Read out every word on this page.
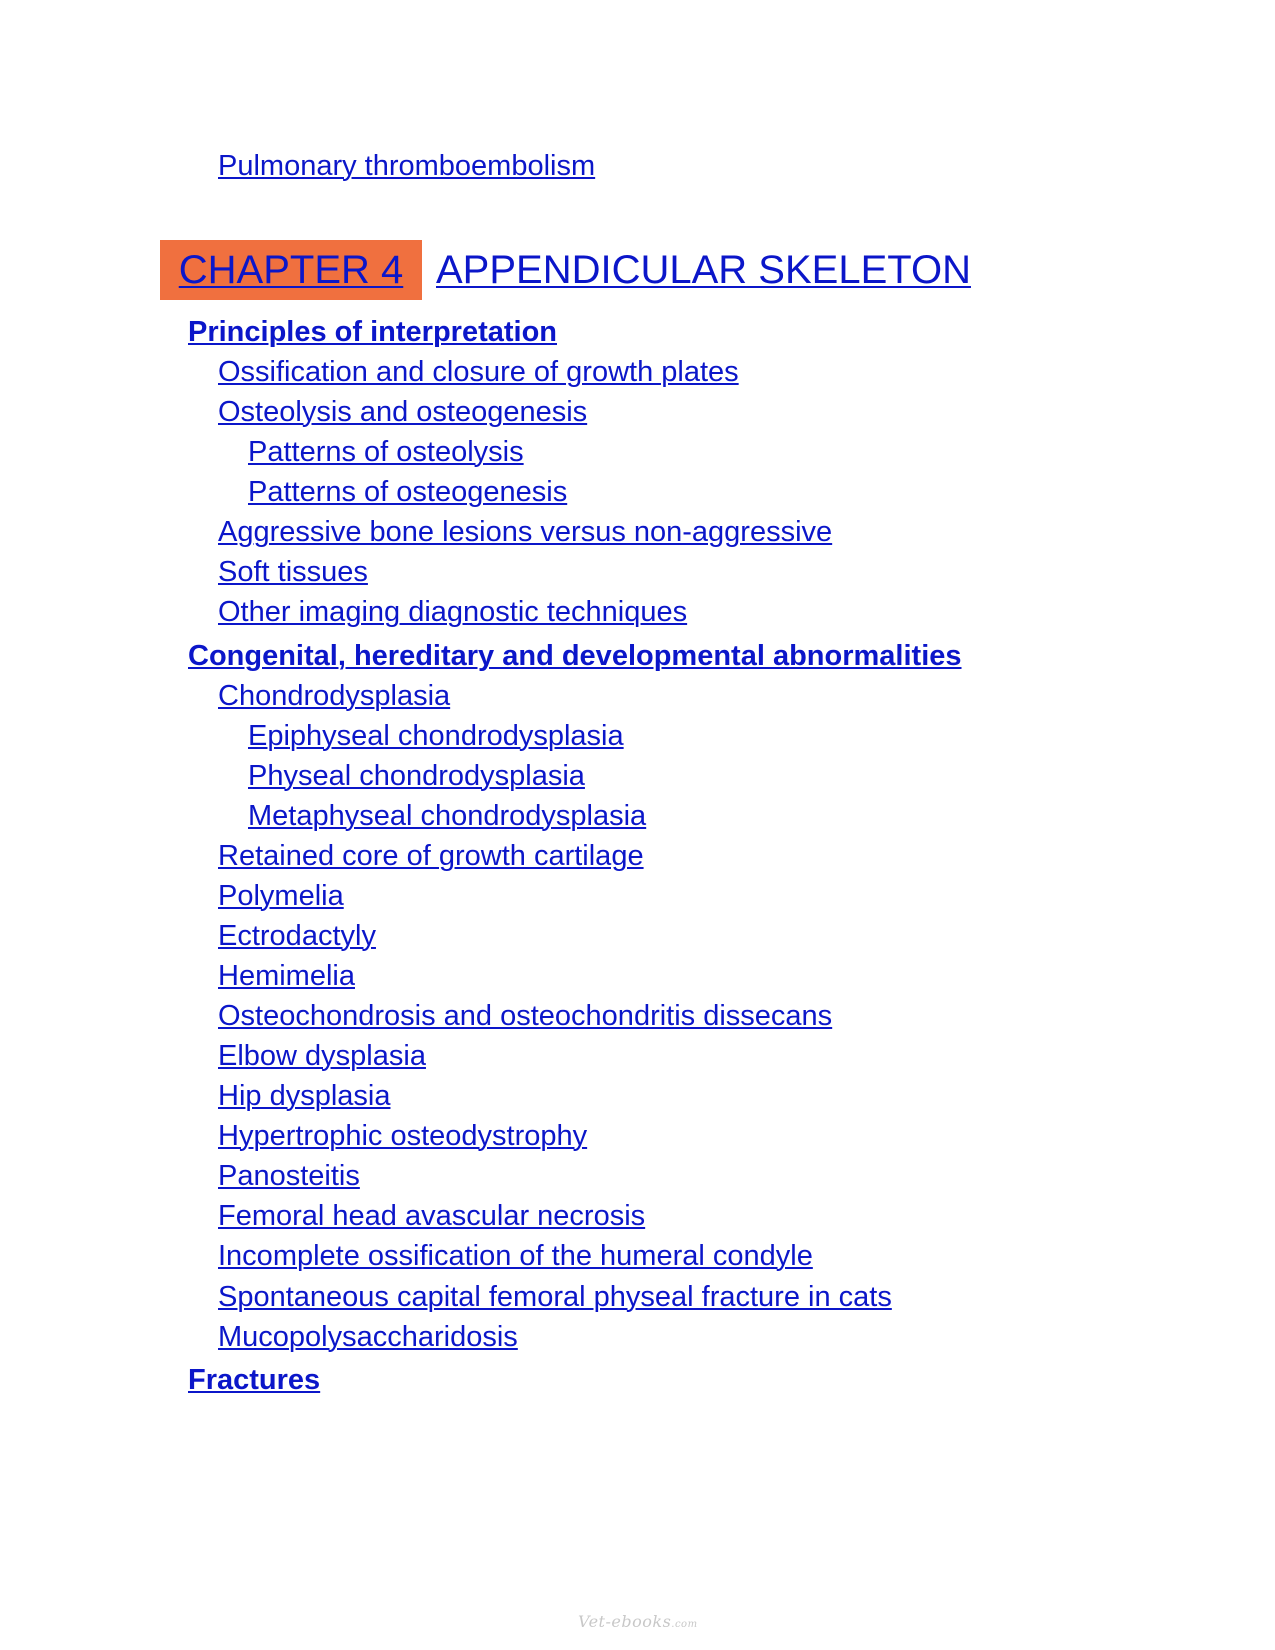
Pulmonary thromboembolism
CHAPTER 4 APPENDICULAR SKELETON
Principles of interpretation
Ossification and closure of growth plates
Osteolysis and osteogenesis
Patterns of osteolysis
Patterns of osteogenesis
Aggressive bone lesions versus non-aggressive
Soft tissues
Other imaging diagnostic techniques
Congenital, hereditary and developmental abnormalities
Chondrodysplasia
Epiphyseal chondrodysplasia
Physeal chondrodysplasia
Metaphyseal chondrodysplasia
Retained core of growth cartilage
Polymelia
Ectrodactyly
Hemimelia
Osteochondrosis and osteochondritis dissecans
Elbow dysplasia
Hip dysplasia
Hypertrophic osteodystrophy
Panosteitis
Femoral head avascular necrosis
Incomplete ossification of the humeral condyle
Spontaneous capital femoral physeal fracture in cats
Mucopolysaccharidosis
Fractures
Vet-ebooks.com
